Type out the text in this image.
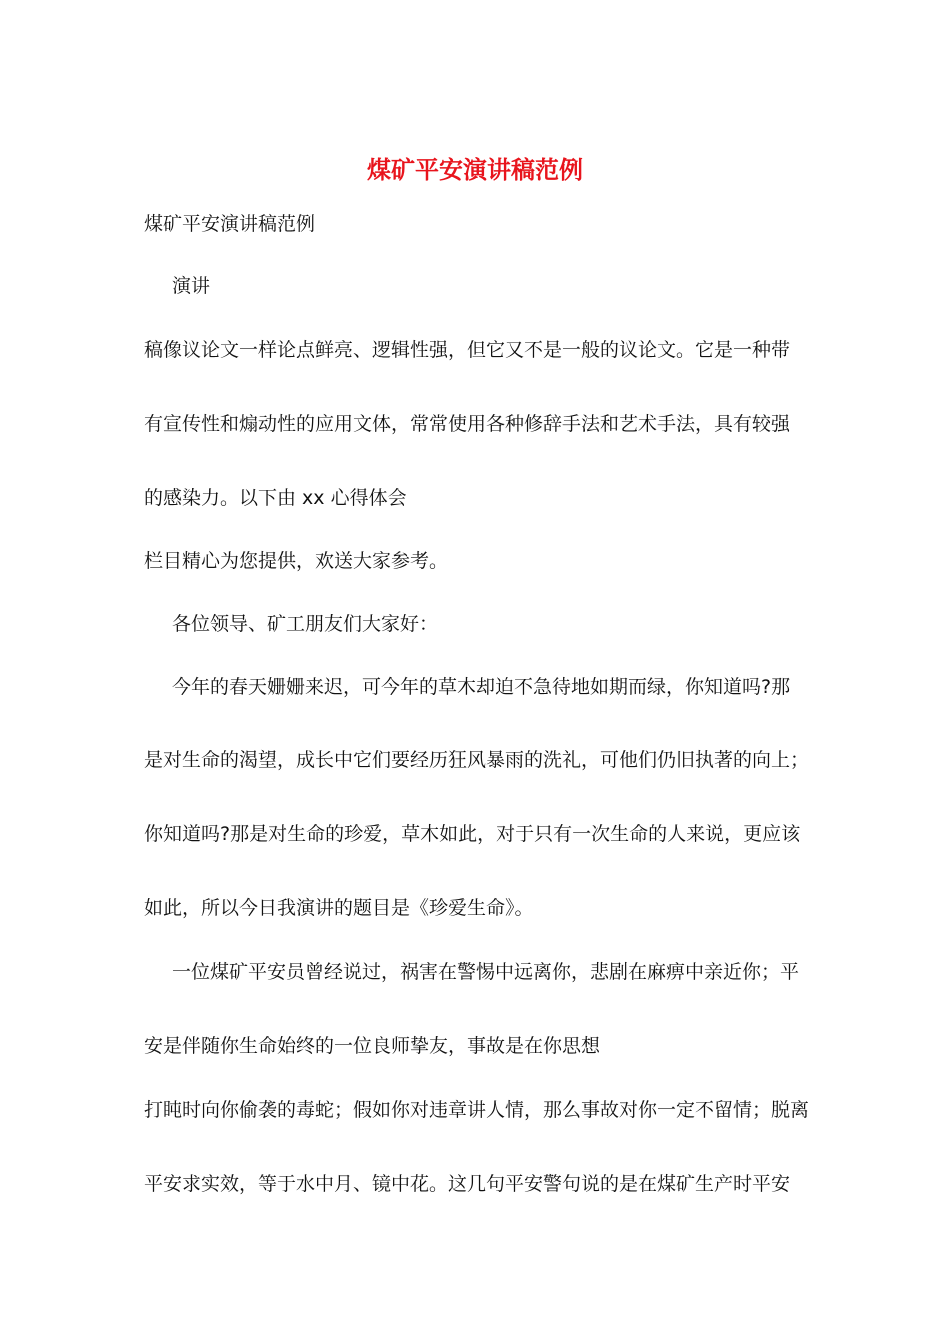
煤矿平安演讲稿范例
煤矿平安演讲稿范例
演讲
稿像议论文一样论点鲜亮、逻辑性强，但它又不是一般的议论文。它是一种带
有宣传性和煽动性的应用文体，常常使用各种修辞手法和艺术手法，具有较强
的感染力。以下由 xx 心得体会
栏目精心为您提供，欢送大家参考。
各位领导、矿工朋友们大家好：
今年的春天姗姗来迟，可今年的草木却迫不急待地如期而绿，你知道吗?那
是对生命的渴望，成长中它们要经历狂风暴雨的洗礼，可他们仍旧执著的向上；
你知道吗?那是对生命的珍爱，草木如此，对于只有一次生命的人来说，更应该
如此，所以今日我演讲的题目是《珍爱生命》。
一位煤矿平安员曾经说过，祸害在警惕中远离你，悲剧在麻痹中亲近你；平
安是伴随你生命始终的一位良师挚友，事故是在你思想
打盹时向你偷袭的毒蛇；假如你对违章讲人情，那么事故对你一定不留情；脱离
平安求实效，等于水中月、镜中花。这几句平安警句说的是在煤矿生产时平安
